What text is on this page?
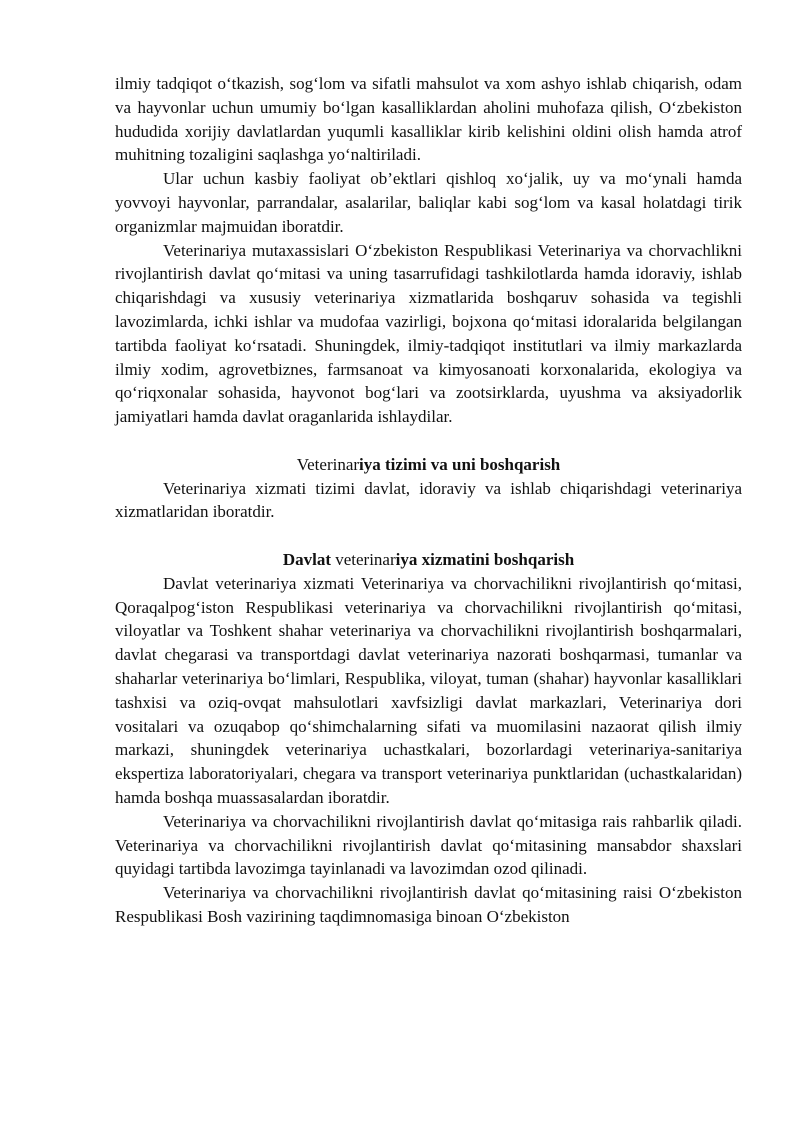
ilmiy tadqiqot o‘tkazish, sog‘lom va sifatli mahsulot va xom ashyo ishlab chiqarish, odam va hayvonlar uchun umumiy bo‘lgan kasalliklardan aholini muhofaza qilish, O‘zbekiston hududida xorijiy davlatlardan yuqumli kasalliklar kirib kelishini oldini olish hamda atrof muhitning tozaligini saqlashga yo‘naltiriladi.

Ular uchun kasbiy faoliyat ob’ektlari qishloq xo‘jalik, uy va mo‘ynali hamda yovvoyi hayvonlar, parrandalar, asalarilar, baliqlar kabi sog‘lom va kasal holatdagi tirik organizmlar majmuidan iboratdir.

Veterinariya mutaxassislari O‘zbekiston Respublikasi Veterinariya va chorvachlikni rivojlantirish davlat qo‘mitasi va uning tasarrufidagi tashkilotlarda hamda idoraviy, ishlab chiqarishdagi va xususiy veterinariya xizmatlarida boshqaruv sohasida va tegishli lavozimlarda, ichki ishlar va mudofaa vazirligi, bojxona qo‘mitasi idoralarida belgilangan tartibda faoliyat ko‘rsatadi. Shuningdek, ilmiy-tadqiqot institutlari va ilmiy markazlarda ilmiy xodim, agrovetbiznes, farmsanoat va kimyosanoati korxonalarida, ekologiya va qo‘riqxonalar sohasida, hayvonot bog‘lari va zootsirklarda, uyushma va aksiyadorlik jamiyatlari hamda davlat oraganlarida ishlaydilar.

Veterinariya tizimi va uni boshqarish

Veterinariya xizmati tizimi davlat, idoraviy va ishlab chiqarishdagi veterinariya xizmatlaridan iboratdir.

Davlat veterinariya xizmatini boshqarish

Davlat veterinariya xizmati Veterinariya va chorvachilikni rivojlantirish qo‘mitasi, Qoraqalpog‘iston Respublikasi veterinariya va chorvachilikni rivojlantirish qo‘mitasi, viloyatlar va Toshkent shahar veterinariya va chorvachilikni rivojlantirish boshqarmalari, davlat chegarasi va transportdagi davlat veterinariya nazorati boshqarmasi, tumanlar va shaharlar veterinariya bo‘limlari, Respublika, viloyat, tuman (shahar) hayvonlar kasalliklari tashxisi va oziq-ovqat mahsulotlari xavfsizligi davlat markazlari, Veterinariya dori vositalari va ozuqabop qo‘shimchalarning sifati va muomilasini nazaorat qilish ilmiy markazi, shuningdek veterinariya uchastkalari, bozorlardagi veterinariya-sanitariya ekspertiza laboratoriyalari, chegara va transport veterinariya punktlaridan (uchastkalaridan) hamda boshqa muassasalardan iboratdir.

Veterinariya va chorvachilikni rivojlantirish davlat qo‘mitasiga rais rahbarlik qiladi. Veterinariya va chorvachilikni rivojlantirish davlat qo‘mitasining mansabdor shaxslari quyidagi tartibda lavozimga tayinlanadi va lavozimdan ozod qilinadi.

Veterinariya va chorvachilikni rivojlantirish davlat qo‘mitasining raisi O‘zbekiston Respublikasi Bosh vazirining taqdimnomasiga binoan O‘zbekiston
